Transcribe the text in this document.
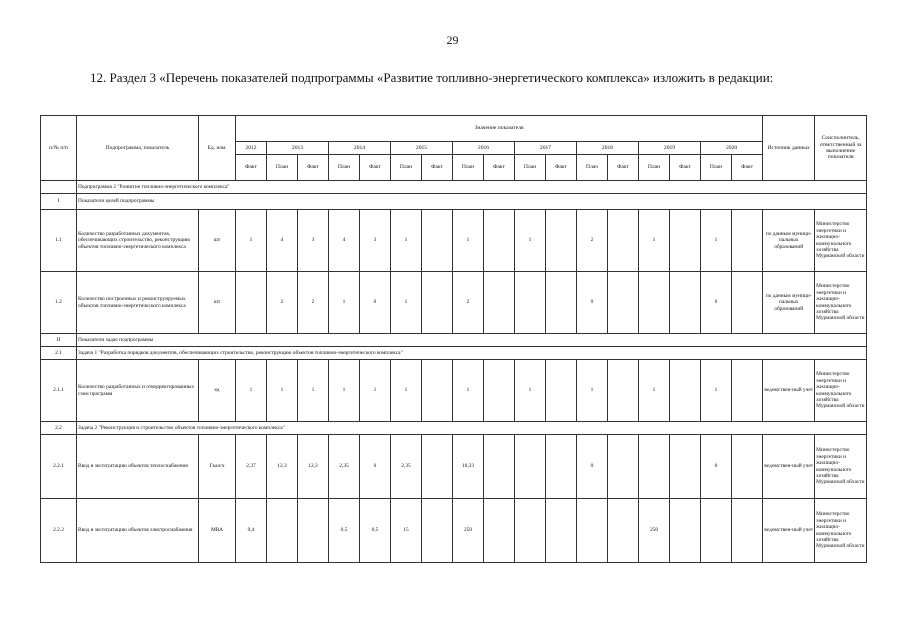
29
12. Раздел 3 «Перечень показателей подпрограммы «Развитие топливно-энергетического комплекса» изложить в редакции:
п/№ п/п	Подпрограмма, показатель	Ед. изм.	Значение показателя																	Источник данных	Соисполнитель, ответственный за выполнение показателя
			2012	2013		2014		2015		2016		2017		2018		2019		2020			
			Факт	План	Факт	План	Факт	План	Факт	План	Факт	План	Факт	Плач	Факт	План	Факт	План	Факт		
	Подпрограмма 2 "Развитие топливно-энергетического комплекса"																				
I	Показатели целей подпрограммы																				
1.1	Количество разработанных документов, обеспечивающих строительство, реконструкцию объектов топливно-энергетического комплекса	шт	1	4	3	4	3	1		1		1		2		1		1		по данным муници-пальных образований	Министерство энергетики и жилищно-коммунального хозяйства Мурманской области
1.2	Количество построенных и реконструируемых объектов топливно-энергетического комплекса	шт		2	2	1	0	1		2				0				0		по данным муници-пальных образований	Министерство энергетики и жилищно-коммунального хозяйства Мурманской области
II	Показатели задач подпрограммы																				
2.1	Задача 1 "Разработка порядков документов, обеспечивающих строительство, реконструкцию объектов топливно-энергетического комплекса"																				
2.1.1	Количество разработанных и откорректированных схем программ	ед	1	1	1	1	1	1		1		1		1		1		1		ведомствен-ный учет	Министерство энергетики и жилищно-коммунального хозяйства Мурманской области
2.2	Задача 2 "Реконструкция и строительство объектов топливно-энергетического комплекса"																				
2.2.1	Ввод в эксплуатацию объектов теплоснабжения	Гкал/ч	2,37	12,3	12,3	2,35	0	2,35		10,33				0				0		ведомствен-ный учет	Министерство энергетики и жилищно-коммунального хозяйства Мурманской области
2.2.2	Ввод в эксплуатацию объектов электроснабжения	МВА	9,4			0,5	0,5	15		250						250				ведомствен-ный учет	Министерство энергетики и жилищно-коммунального хозяйства Мурманской области
